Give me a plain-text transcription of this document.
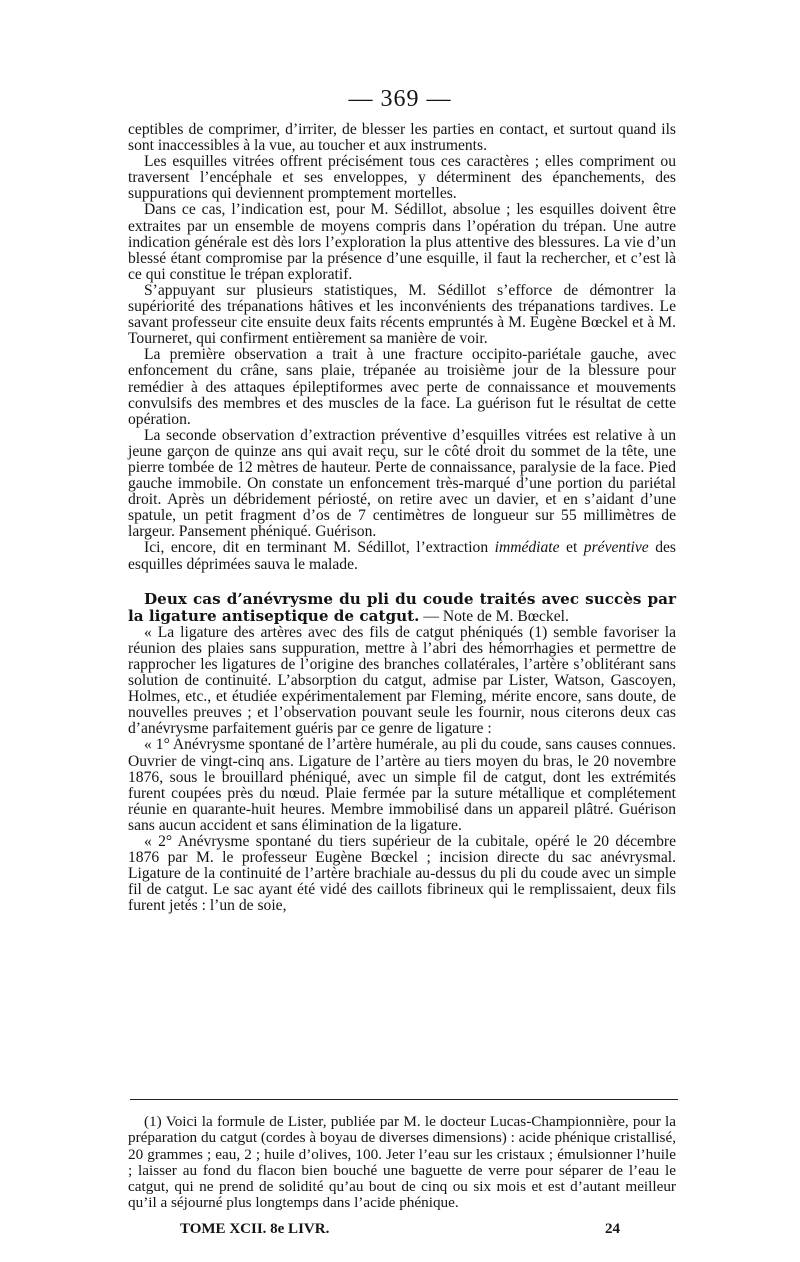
— 369 —

ceptibles de comprimer, d’irriter, de blesser les parties en contact, et surtout quand ils sont inaccessibles à la vue, au toucher et aux instruments.

Les esquilles vitrées offrent précisément tous ces caractères ; elles compriment ou traversent l’encéphale et ses enveloppes, y déterminent des épanchements, des suppurations qui deviennent promptement mortelles.

Dans ce cas, l’indication est, pour M. Sédillot, absolue ; les esquilles doivent être extraites par un ensemble de moyens compris dans l’opération du trépan. Une autre indication générale est dès lors l’exploration la plus attentive des blessures. La vie d’un blessé étant compromise par la présence d’une esquille, il faut la rechercher, et c’est là ce qui constitue le trépan exploratif.

S’appuyant sur plusieurs statistiques, M. Sédillot s’efforce de démontrer la supériorité des trépanations hâtives et les inconvénients des trépanations tardives. Le savant professeur cite ensuite deux faits récents empruntés à M. Eugène Bœckel et à M. Tourneret, qui confirment entièrement sa manière de voir.

La première observation a trait à une fracture occipito-pariétale gauche, avec enfoncement du crâne, sans plaie, trépanée au troisième jour de la blessure pour remédier à des attaques épileptiformes avec perte de connaissance et mouvements convulsifs des membres et des muscles de la face. La guérison fut le résultat de cette opération.

La seconde observation d’extraction préventive d’esquilles vitrées est relative à un jeune garçon de quinze ans qui avait reçu, sur le côté droit du sommet de la tête, une pierre tombée de 12 mètres de hauteur. Perte de connaissance, paralysie de la face. Pied gauche immobile. On constate un enfoncement très-marqué d’une portion du pariétal droit. Après un débridement périosté, on retire avec un davier, et en s’aidant d’une spatule, un petit fragment d’os de 7 centimètres de longueur sur 55 millimètres de largeur. Pansement phéniqué. Guérison.

Ici, encore, dit en terminant M. Sédillot, l’extraction immédiate et préventive des esquilles déprimées sauva le malade.

Deux cas d’anévrysme du pli du coude traités avec succès par la ligature antiseptique de catgut. — Note de M. Bœckel.

« La ligature des artères avec des fils de catgut phéniqués (1) semble favoriser la réunion des plaies sans suppuration, mettre à l’abri des hémorrhagies et permettre de rapprocher les ligatures de l’origine des branches collatérales, l’artère s’oblitérant sans solution de continuité. L’absorption du catgut, admise par Lister, Watson, Gascoyen, Holmes, etc., et étudiée expérimentalement par Fleming, mérite encore, sans doute, de nouvelles preuves ; et l’observation pouvant seule les fournir, nous citerons deux cas d’anévrysme parfaitement guéris par ce genre de ligature :

« 1° Anévrysme spontané de l’artère humérale, au pli du coude, sans causes connues. Ouvrier de vingt-cinq ans. Ligature de l’artère au tiers moyen du bras, le 20 novembre 1876, sous le brouillard phéniqué, avec un simple fil de catgut, dont les extrémités furent coupées près du nœud. Plaie fermée par la suture métallique et complétement réunie en quarante-huit heures. Membre immobilisé dans un appareil plâtré. Guérison sans aucun accident et sans élimination de la ligature.

« 2° Anévrysme spontané du tiers supérieur de la cubitale, opéré le 20 décembre 1876 par M. le professeur Eugène Bœckel ; incision directe du sac anévrysmal. Ligature de la continuité de l’artère brachiale au-dessus du pli du coude avec un simple fil de catgut. Le sac ayant été vidé des caillots fibrineux qui le remplissaient, deux fils furent jetés : l’un de soie,

(1) Voici la formule de Lister, publiée par M. le docteur Lucas-Championnière, pour la préparation du catgut (cordes à boyau de diverses dimensions) : acide phénique cristallisé, 20 grammes ; eau, 2 ; huile d’olives, 100. Jeter l’eau sur les cristaux ; émulsionner l’huile ; laisser au fond du flacon bien bouché une baguette de verre pour séparer de l’eau le catgut, qui ne prend de solidité qu’au bout de cinq ou six mois et est d’autant meilleur qu’il a séjourné plus longtemps dans l’acide phénique.

TOME XCII. 8e LIVR.	24
